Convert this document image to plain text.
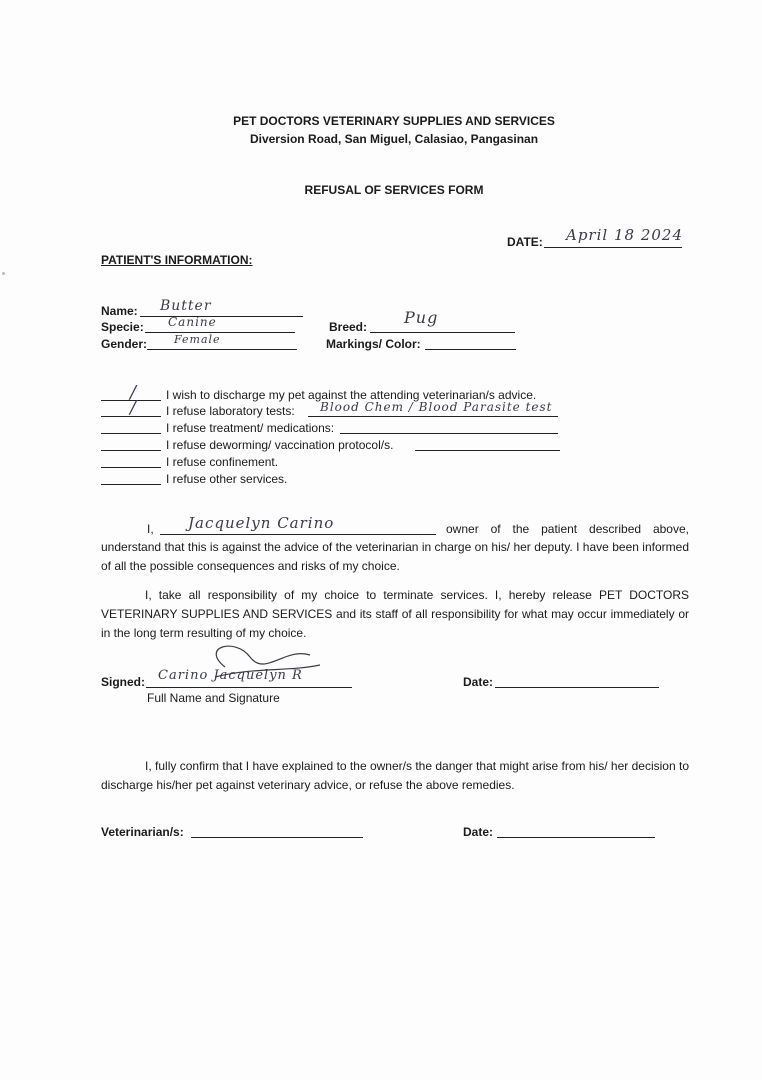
PET DOCTORS VETERINARY SUPPLIES AND SERVICES
Diversion Road, San Miguel, Calasiao, Pangasinan
REFUSAL OF SERVICES FORM
DATE: April 18 2024
PATIENT'S INFORMATION:
Name: Butter
Specie: Canine
Gender: Female
Breed: Pug
Markings/ Color:
/ I wish to discharge my pet against the attending veterinarian/s advice.
/ I refuse laboratory tests: Blood Chem / Blood Parasite test
I refuse treatment/ medications:
I refuse deworming/ vaccination protocol/s.
I refuse confinement.
I refuse other services.
I, Jacquelyn Carino	owner of the patient described above,
understand that this is against the advice of the veterinarian in charge on his/ her deputy. I have been informed of all the possible consequences and risks of my choice.
I, take all responsibility of my choice to terminate services. I, hereby release PET DOCTORS VETERINARY SUPPLIES AND SERVICES and its staff of all responsibility for what may occur immediately or in the long term resulting of my choice.
Signed: Carino Jacquelyn R
Full Name and Signature
Date:
I, fully confirm that I have explained to the owner/s the danger that might arise from his/ her decision to discharge his/her pet against veterinary advice, or refuse the above remedies.
Veterinarian/s:	Date:
